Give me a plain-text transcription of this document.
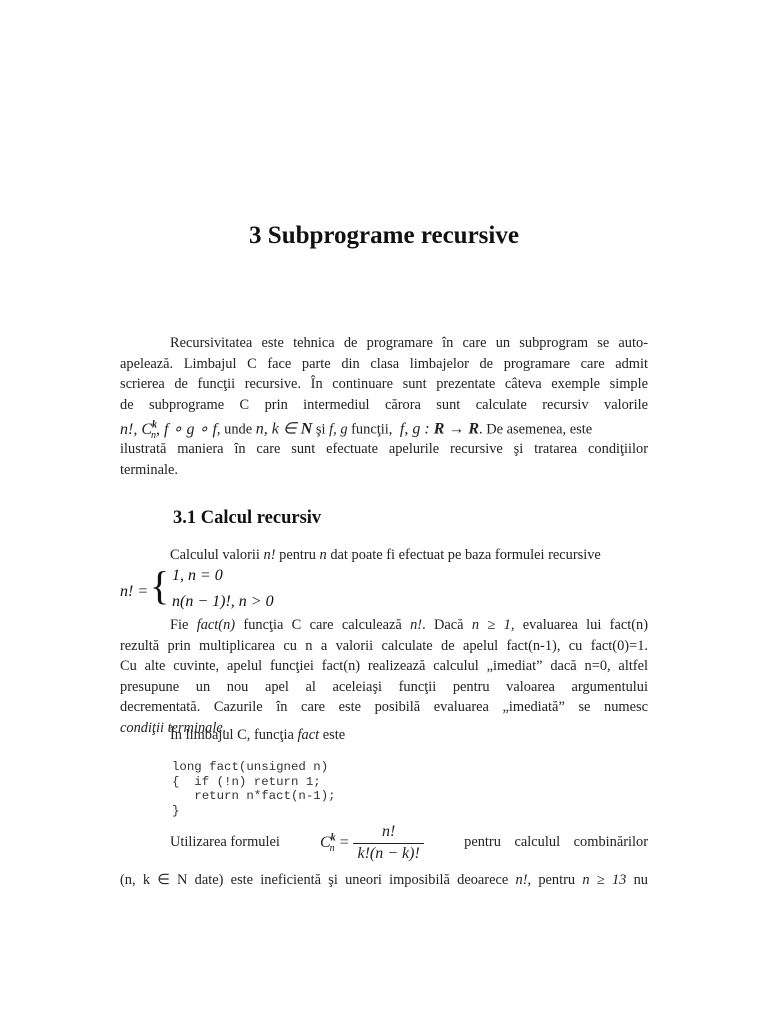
3 Subprograme recursive
Recursivitatea este tehnica de programare în care un subprogram se auto-
apelează. Limbajul C face parte din clasa limbajelor de programare care admit
scrierea de funcţii recursive. În continuare sunt prezentate câteva exemple simple
de subprograme C prin intermediul cărora sunt calculate recursiv valorile
n!, $C^k_n$, f ∘ g ∘ f, unde n, k ∈ N şi f, g funcţii,  f, g : R → R. De asemenea, este
ilustrată maniera în care sunt efectuate apelurile recursive şi tratarea condiţiilor
terminale.
3.1 Calcul recursiv
Calculul valorii n! pentru n dat poate fi efectuat pe baza formulei recursive
n! = { 1, n = 0
n(n − 1)!, n > 0
Fie fact(n) funcţia C care calculează n!. Dacă n ≥ 1, evaluarea lui fact(n)
rezultă prin multiplicarea cu n a valorii calculate de apelul fact(n-1), cu fact(0)=1.
Cu alte cuvinte, apelul funcţiei fact(n) realizează calculul „imediat” dacă n=0, altfel
presupune un nou apel al aceleiaşi funcţii pentru valoarea argumentului
decrementată. Cazurile în care este posibilă evaluarea „imediată” se numesc
condiţii terminale.
În limbajul C, funcţia fact este
long fact(unsigned n)
{  if (!n) return 1;
return n*fact(n-1);
}
Utilizarea formulei	$C^k_n = \frac{n!}{k!(n - k)!}$	pentru calculul combinărilor
(n, k ∈ N date) este ineficientă şi uneori imposibilă deoarece n!, pentru n ≥ 13 nu
